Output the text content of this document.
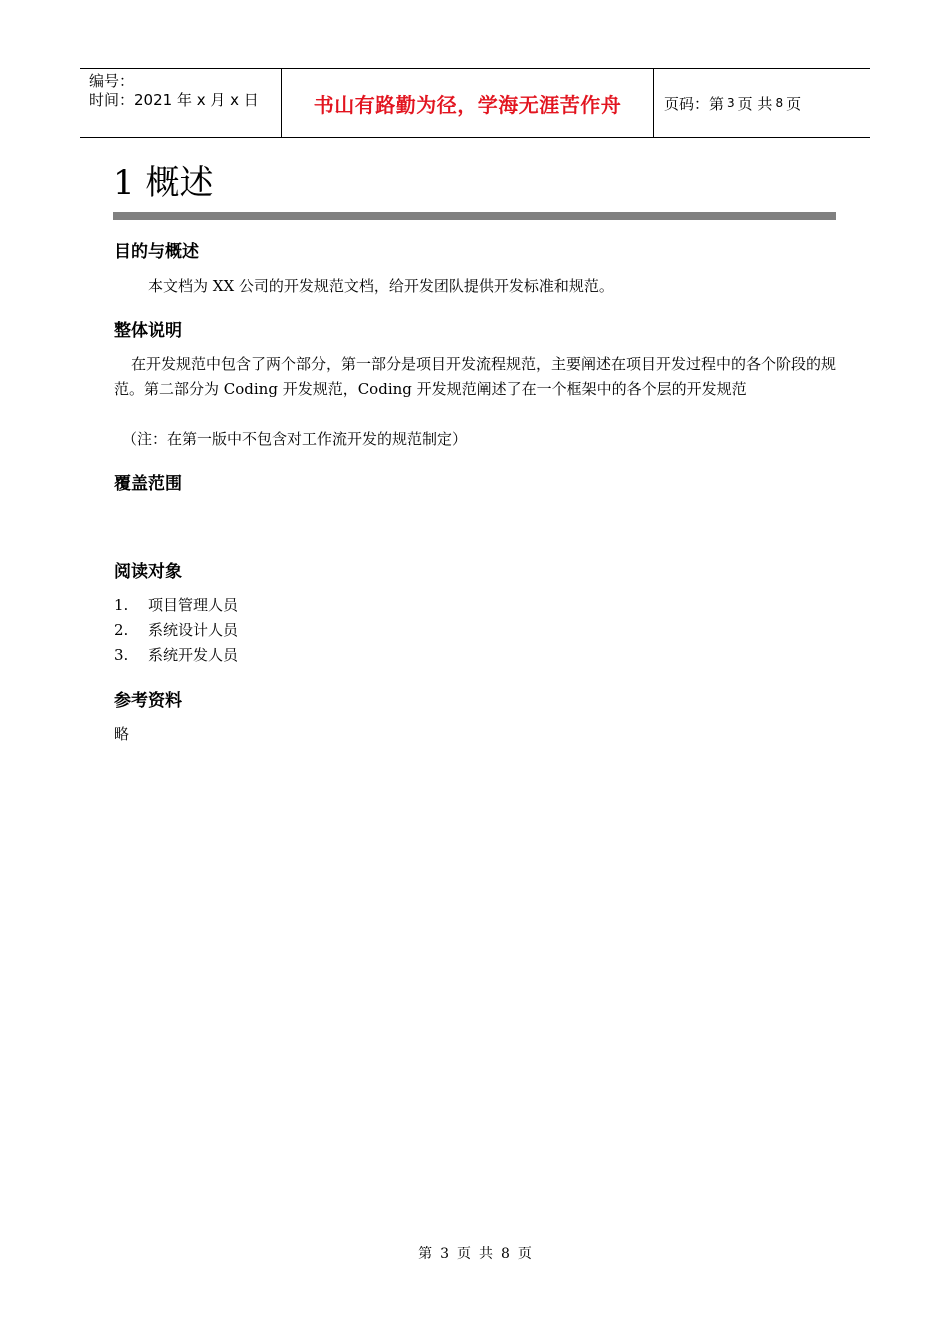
编号：
时间：2021 年 x 月 x 日	书山有路勤为径，学海无涯苦作舟	页码：第 3 页 共 8 页
1 概述
目的与概述
本文档为 XX 公司的开发规范文档，给开发团队提供开发标准和规范。
整体说明
在开发规范中包含了两个部分，第一部分是项目开发流程规范，主要阐述在项目开发过程中的各个阶段的规范。第二部分为 Coding 开发规范，Coding 开发规范阐述了在一个框架中的各个层的开发规范
（注：在第一版中不包含对工作流开发的规范制定）
覆盖范围
阅读对象
1.	项目管理人员
2.	系统设计人员
3.	系统开发人员
参考资料
略
第 3 页 共 8 页
